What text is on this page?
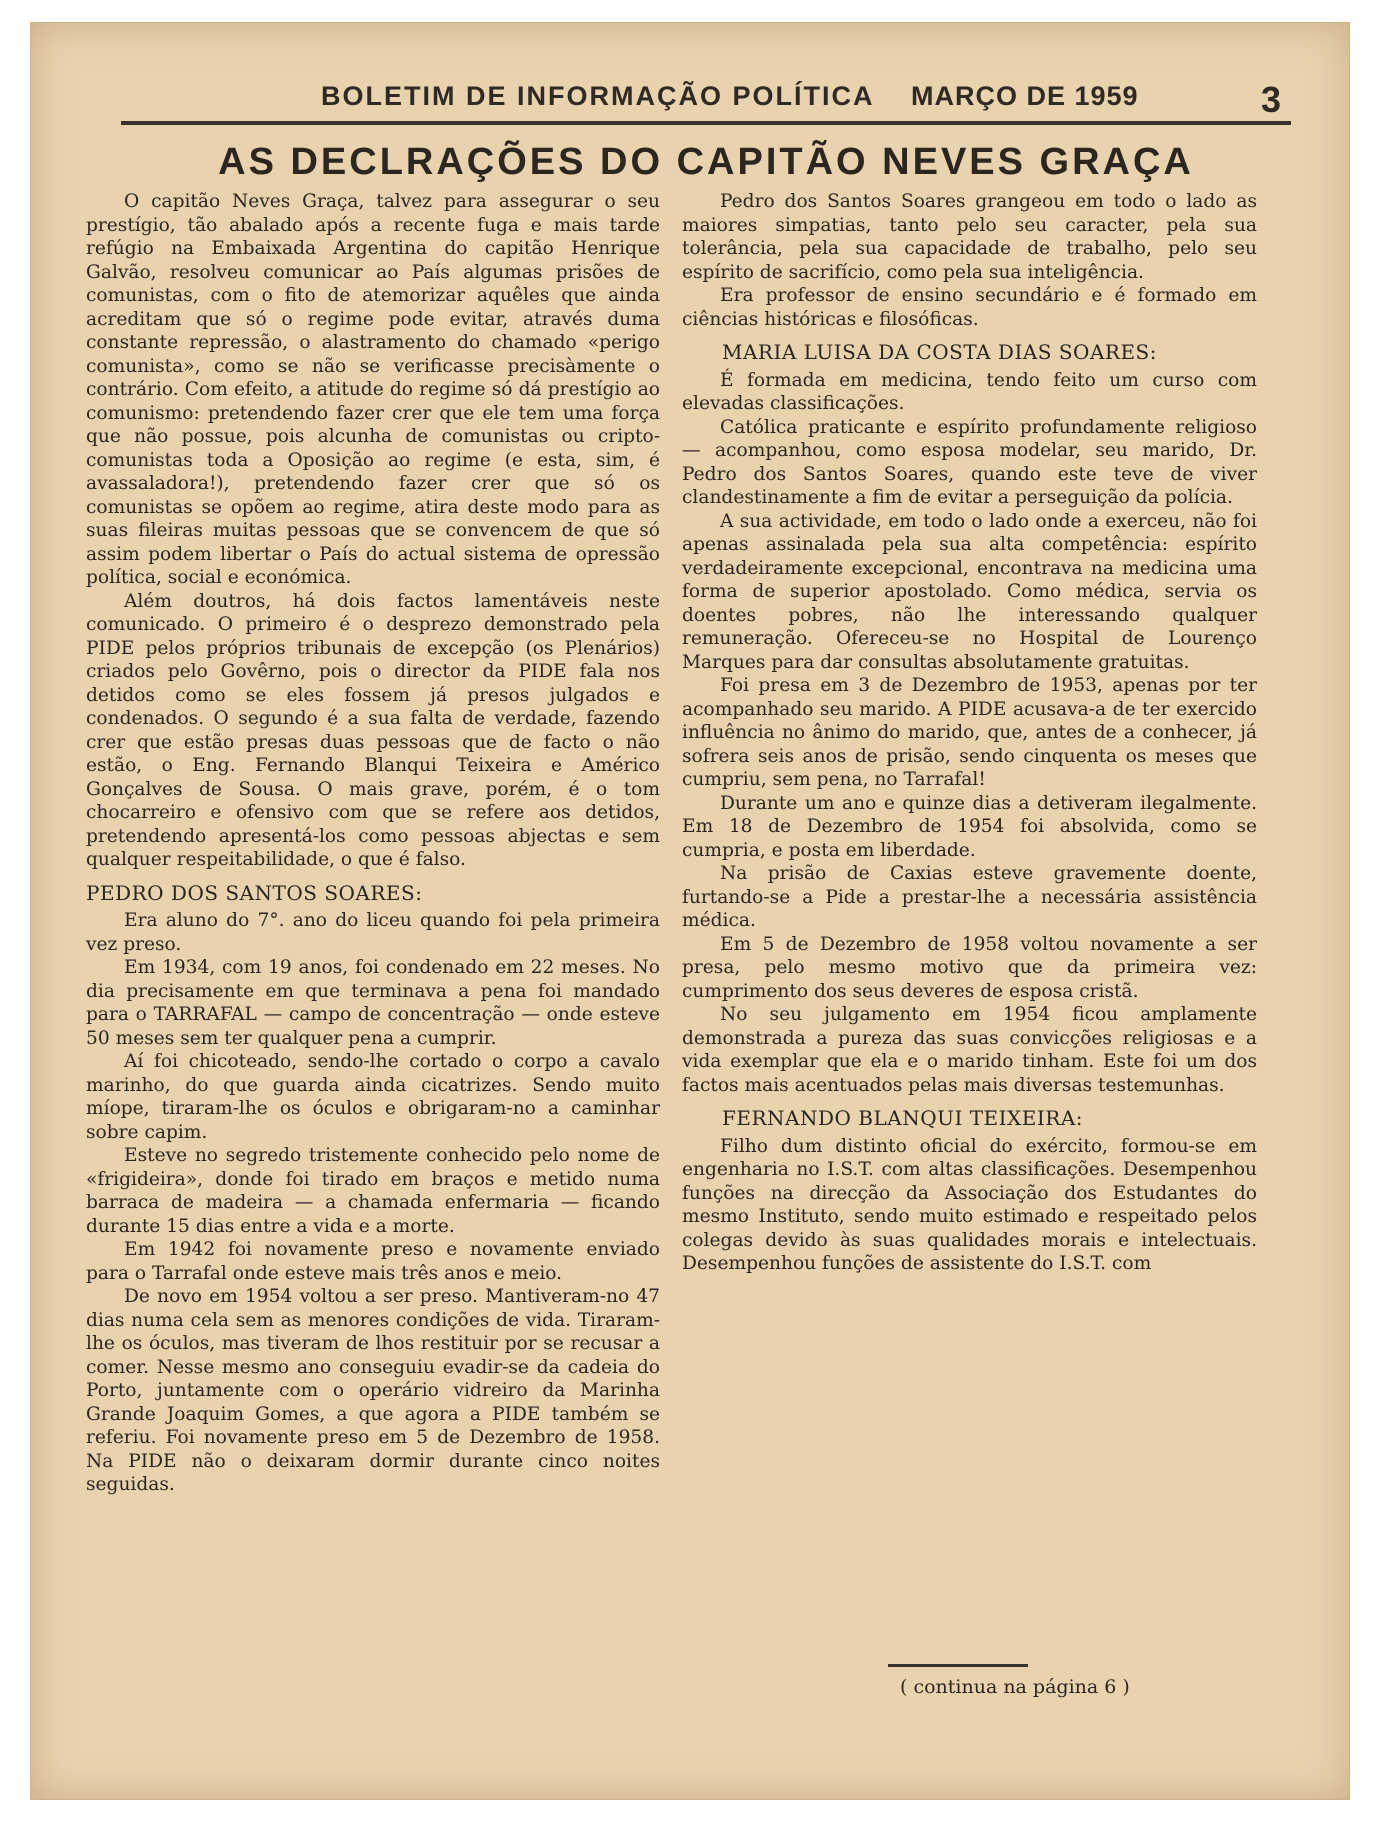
BOLETIM DE INFORMAÇÃO POLÍTICA MARÇO DE 1959	3
AS DECLRAÇÕES DO CAPITÃO NEVES GRAÇA

O capitão Neves Graça, talvez para assegurar o seu prestígio, tão abalado após a recente fuga e mais tarde refúgio na Embaixada Argentina do capitão Henrique Galvão, resolveu comunicar ao País algumas prisões de comunistas, com o fito de atemorizar aquêles que ainda acreditam que só o regime pode evitar, através duma constante repressão, o alastramento do chamado «perigo comunista», como se não se verificasse precisàmente o contrário. Com efeito, a atitude do regime só dá prestígio ao comunismo: pretendendo fazer crer que ele tem uma força que não possue, pois alcunha de comunistas ou cripto-comunistas toda a Oposição ao regime (e esta, sim, é avassaladora!), pretendendo fazer crer que só os comunistas se opõem ao regime, atira deste modo para as suas fileiras muitas pessoas que se convencem de que só assim podem libertar o País do actual sistema de opressão política, social e económica.

Além doutros, há dois factos lamentáveis neste comunicado. O primeiro é o desprezo demonstrado pela PIDE pelos próprios tribunais de excepção (os Plenários) criados pelo Govêrno, pois o director da PIDE fala nos detidos como se eles fossem já presos julgados e condenados. O segundo é a sua falta de verdade, fazendo crer que estão presas duas pessoas que de facto o não estão, o Eng. Fernando Blanqui Teixeira e Américo Gonçalves de Sousa. O mais grave, porém, é o tom chocarreiro e ofensivo com que se refere aos detidos, pretendendo apresentá-los como pessoas abjectas e sem qualquer respeitabilidade, o que é falso.

PEDRO DOS SANTOS SOARES:

Era aluno do 7°. ano do liceu quando foi pela primeira vez preso.

Em 1934, com 19 anos, foi condenado em 22 meses. No dia precisamente em que terminava a pena foi mandado para o TARRAFAL — campo de concentração — onde esteve 50 meses sem ter qualquer pena a cumprir.

Aí foi chicoteado, sendo-lhe cortado o corpo a cavalo marinho, do que guarda ainda cicatrizes. Sendo muito míope, tiraram-lhe os óculos e obrigaram-no a caminhar sobre capim.

Esteve no segredo tristemente conhecido pelo nome de «frigideira», donde foi tirado em braços e metido numa barraca de madeira — a chamada enfermaria — ficando durante 15 dias entre a vida e a morte.

Em 1942 foi novamente preso e novamente enviado para o Tarrafal onde esteve mais três anos e meio.

De novo em 1954 voltou a ser preso. Mantiveram-no 47 dias numa cela sem as menores condições de vida. Tiraram-lhe os óculos, mas tiveram de lhos restituir por se recusar a comer. Nesse mesmo ano conseguiu evadir-se da cadeia do Porto, juntamente com o operário vidreiro da Marinha Grande Joaquim Gomes, a que agora a PIDE também se referiu. Foi novamente preso em 5 de Dezembro de 1958. Na PIDE não o deixaram dormir durante cinco noites seguidas.

Pedro dos Santos Soares grangeou em todo o lado as maiores simpatias, tanto pelo seu caracter, pela sua tolerância, pela sua capacidade de trabalho, pelo seu espírito de sacrifício, como pela sua inteligência.

Era professor de ensino secundário e é formado em ciências históricas e filosóficas.

MARIA LUISA DA COSTA DIAS SOARES:

É formada em medicina, tendo feito um curso com elevadas classificações.

Católica praticante e espírito profundamente religioso — acompanhou, como esposa modelar, seu marido, Dr. Pedro dos Santos Soares, quando este teve de viver clandestinamente a fim de evitar a perseguição da polícia.

A sua actividade, em todo o lado onde a exerceu, não foi apenas assinalada pela sua alta competência: espírito verdadeiramente excepcional, encontrava na medicina uma forma de superior apostolado. Como médica, servia os doentes pobres, não lhe interessando qualquer remuneração. Ofereceu-se no Hospital de Lourenço Marques para dar consultas absolutamente gratuitas.

Foi presa em 3 de Dezembro de 1953, apenas por ter acompanhado seu marido. A PIDE acusava-a de ter exercido influência no ânimo do marido, que, antes de a conhecer, já sofrera seis anos de prisão, sendo cinquenta os meses que cumpriu, sem pena, no Tarrafal!

Durante um ano e quinze dias a detiveram ilegalmente. Em 18 de Dezembro de 1954 foi absolvida, como se cumpria, e posta em liberdade.

Na prisão de Caxias esteve gravemente doente, furtando-se a Pide a prestar-lhe a necessária assistência médica.

Em 5 de Dezembro de 1958 voltou novamente a ser presa, pelo mesmo motivo que da primeira vez: cumprimento dos seus deveres de esposa cristã.

No seu julgamento em 1954 ficou amplamente demonstrada a pureza das suas convicções religiosas e a vida exemplar que ela e o marido tinham. Este foi um dos factos mais acentuados pelas mais diversas testemunhas.

FERNANDO BLANQUI TEIXEIRA:

Filho dum distinto oficial do exército, formou-se em engenharia no I.S.T. com altas classificações. Desempenhou funções na direcção da Associação dos Estudantes do mesmo Instituto, sendo muito estimado e respeitado pelos colegas devido às suas qualidades morais e intelectuais. Desempenhou funções de assistente do I.S.T. com

( continua na página 6 )
